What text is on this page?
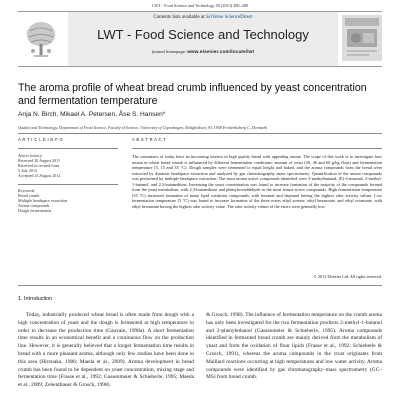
LWT - Food Science and Technology 50 (2013) 480–488
Contents lists available at SciVerse ScienceDirect
LWT - Food Science and Technology
journal homepage: www.elsevier.com/locate/lwt
The aroma profile of wheat bread crumb influenced by yeast concentration and fermentation temperature
Anja N. Birch, Mikael A. Petersen, Åse S. Hansen*
Quality and Technology, Department of Food Science, Faculty of Science, University of Copenhagen, Rolighedsvej 30, 1958 Frederiksberg C, Denmark
A R T I C L E I N F O	A B S T R A C T
Article history:
Received 20 August 2011
Received in revised form
5 July 2012
Accepted 23 August 2012
Keywords:
Bread crumb
Multiple headspace extraction
Aroma compounds
Dough fermentation
The consumers of today have an increasing interest in high quality bread with appealing aroma. The scope of this work is to investigate how aroma in wheat bread crumb is influenced by different fermentation conditions: amount of yeast (20, 40 and 60 g/kg flour) and fermentation temperature (5, 15 and 35 °C). Dough samples were fermented to equal height and baked, and the aroma compounds from the bread were extracted by dynamic headspace extraction and analyzed by gas chromatography–mass spectrometry. Quantification of the aroma compounds was performed by multiple headspace extraction. The most aroma active compounds identified were 3-methylbutanal, (E)-2-nonenal, 3-methyl-1-butanol, and 2,3-butanedione. Increasing the yeast concentration was found to increase formation of the majority of the compounds formed from the yeast metabolism, with 2,3-butanedione and phenylacetaldehyde as the most aroma active compounds. High fermentation temperature (35 °C) increased formation of many lipid oxidation compounds, with hexanal and heptanal having the highest odor activity values. Low fermentation temperature (5 °C) was found to increase formation of the three esters ethyl acetate, ethyl hexanoate, and ethyl octanoate, with ethyl hexanoate having the highest odor activity value. The odor activity values of the esters were generally low.
© 2012 Elsevier Ltd. All rights reserved.
1. Introduction
Today, industrially produced wheat bread is often made from dough with a high concentration of yeast and the dough is fermented at high temperature in order to decrease the production time (Gauvain, 1998a). A short fermentation time results in an economical benefit and a continuous flow on the production line. However, it is generally believed that a longer fermentation time results in bread with a more pleasant aroma, although only few studies have been done in this area (Hironaka, 1986; Maeda et al., 2009). Aroma development in bread crumb has been found to be dependent on yeast concentration, mixing stage and fermentation time (Frasse et al., 1992; Gassenmeier & Schieberle, 1995; Maeda et al., 2009; Zehentbauer & Grosch, 1998).
& Grosch, 1998). The influence of fermentation temperature on the crumb aroma has only been investigated for the two fermentation products 2-methyl-1-butanol and 2-phenylethanol (Gassenmeier & Schieberle, 1995). Aroma compounds identified in fermented bread crumb are mainly derived from the metabolism of yeast and from the oxidation of flour lipids (Frasse et al., 1992; Schieberle & Grosch, 1991), whereas the aroma compounds in the crust originates from Maillard reactions occurring at high temperatures and low water activity. Aroma compounds were identified by gas chromatography–mass spectrometry (GC–MS) from bread crumb.
